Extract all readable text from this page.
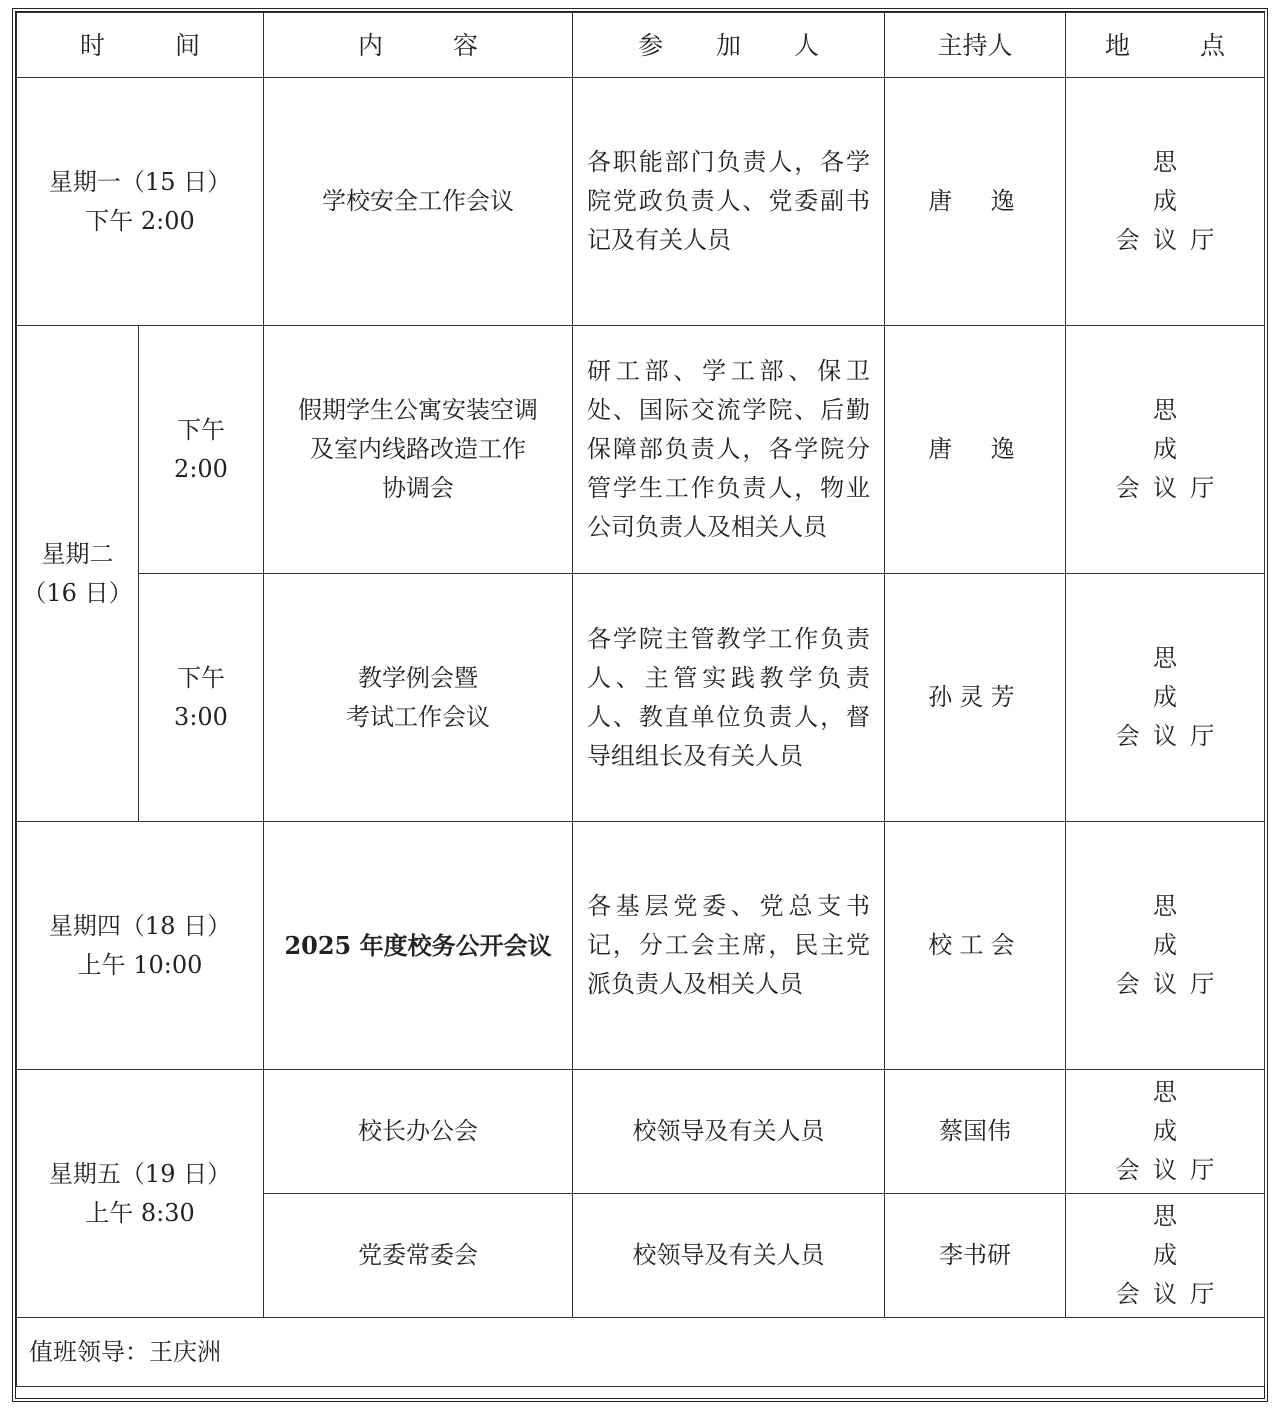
时　间		内　容	参 加 人	主持人	地　点

星期一（15 日）
下午 2:00		学校安全工作会议	各职能部门负责人，各学院党政负责人、党委副书记及有关人员	唐　逸	思成
会议厅

星期二
（16 日）	下午
2:00	假期学生公寓安装空调
及室内线路改造工作
协调会	研工部、学工部、保卫处、国际交流学院、后勤保障部负责人，各学院分管学生工作负责人，物业公司负责人及相关人员	唐　逸	思成
会议厅

	下午
3:00	教学例会暨
考试工作会议	各学院主管教学工作负责人、主管实践教学负责人、教直单位负责人，督导组组长及有关人员	孙灵芳	思成
会议厅

星期四（18 日）
上午 10:00		2025 年度校务公开会议	各基层党委、党总支书记，分工会主席，民主党派负责人及相关人员	校工会	思成
会议厅

星期五（19 日）
上午 8:30		校长办公会	校领导及有关人员	蔡国伟	思成
会议厅

		党委常委会	校领导及有关人员	李书研	思成
会议厅

值班领导：王庆洲					
